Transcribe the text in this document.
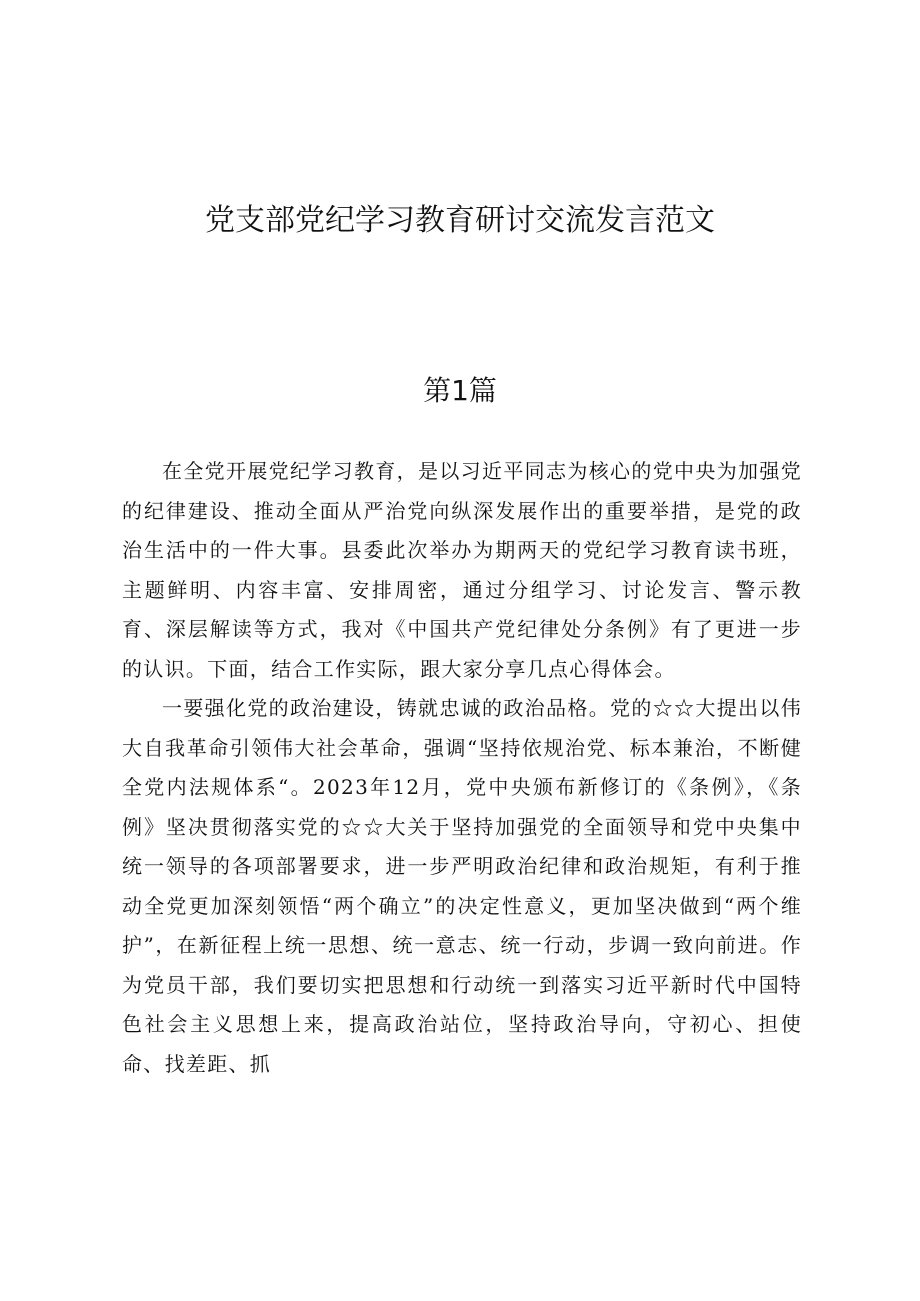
党支部党纪学习教育研讨交流发言范文
第1篇

在全党开展党纪学习教育，是以习近平同志为核心的党中央为加强党的纪律建设、推动全面从严治党向纵深发展作出的重要举措，是党的政治生活中的一件大事。县委此次举办为期两天的党纪学习教育读书班，主题鲜明、内容丰富、安排周密，通过分组学习、讨论发言、警示教育、深层解读等方式，我对《中国共产党纪律处分条例》有了更进一步的认识。下面，结合工作实际，跟大家分享几点心得体会。

一要强化党的政治建设，铸就忠诚的政治品格。党的☆☆大提出以伟大自我革命引领伟大社会革命，强调“坚持依规治党、标本兼治，不断健全党内法规体系“。2023年12月，党中央颁布新修订的《条例》，《条例》坚决贯彻落实党的☆☆大关于坚持加强党的全面领导和党中央集中统一领导的各项部署要求，进一步严明政治纪律和政治规矩，有利于推动全党更加深刻领悟“两个确立”的决定性意义，更加坚决做到“两个维护”，在新征程上统一思想、统一意志、统一行动，步调一致向前进。作为党员干部，我们要切实把思想和行动统一到落实习近平新时代中国特色社会主义思想上来，提高政治站位，坚持政治导向，守初心、担使命、找差距、抓
